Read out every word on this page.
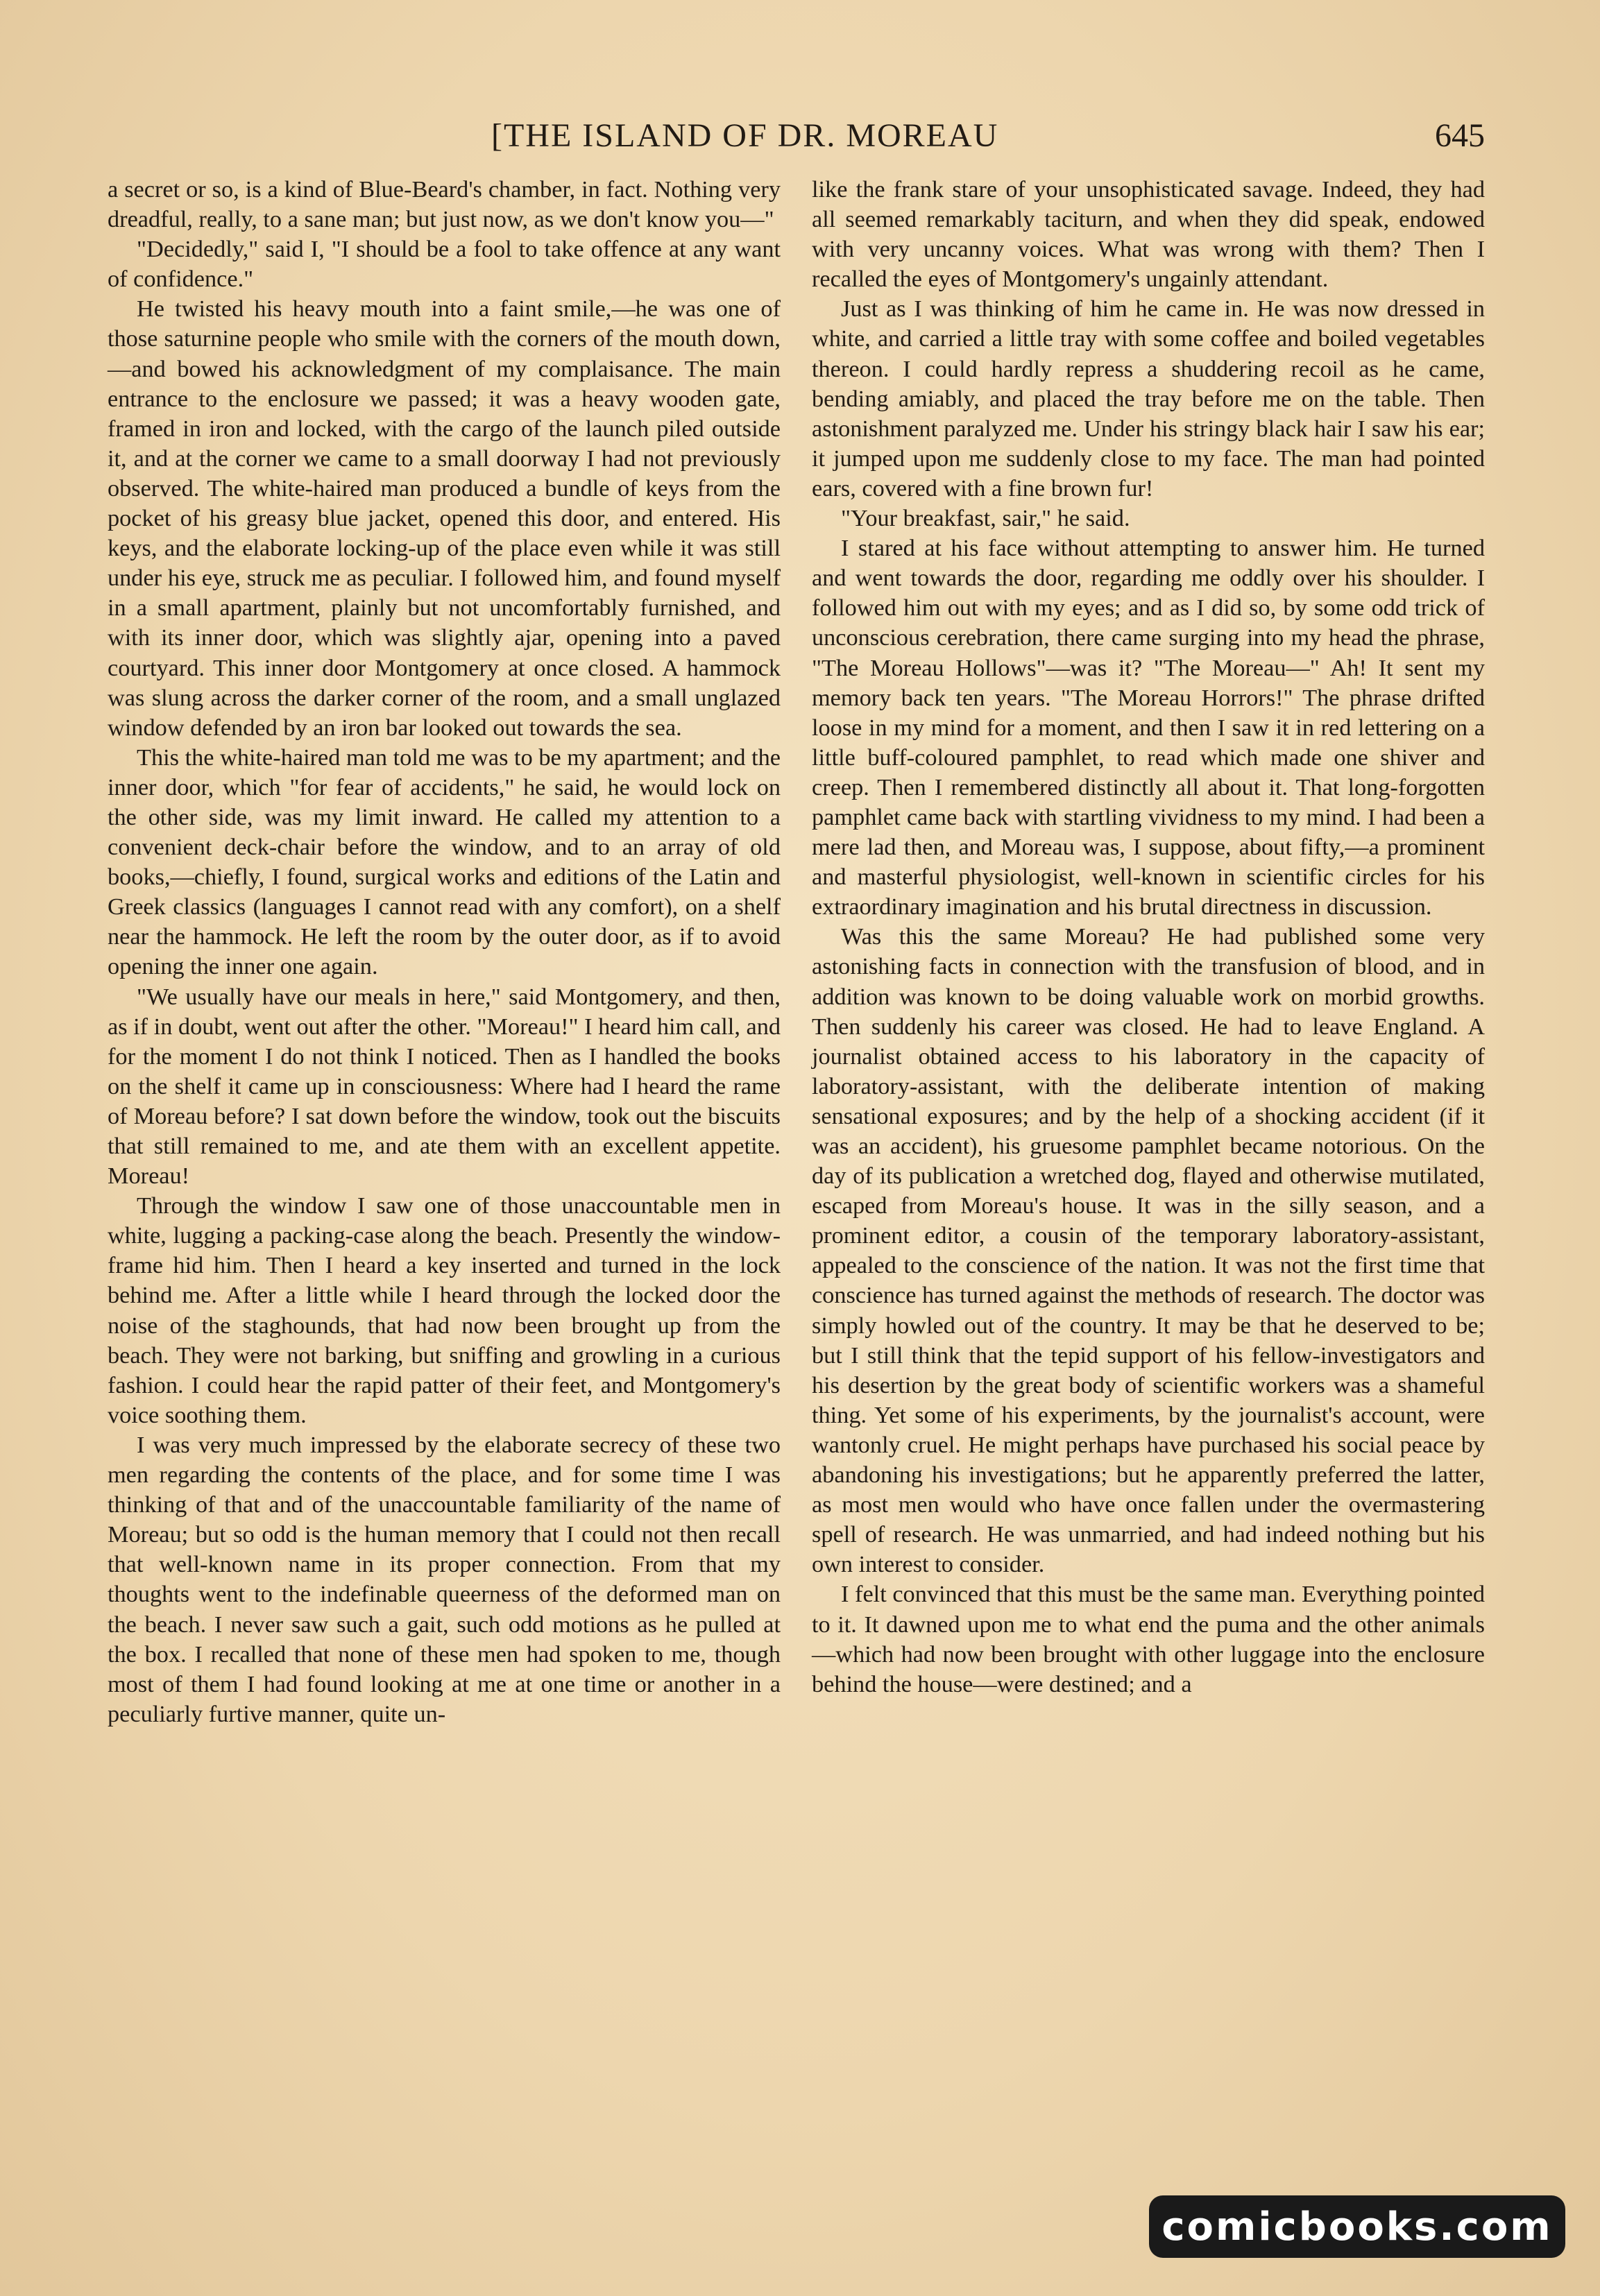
[THE ISLAND OF DR. MOREAU	645

a secret or so, is a kind of Blue-Beard's chamber, in fact. Nothing very dreadful, really, to a sane man; but just now, as we don't know you—"

"Decidedly," said I, "I should be a fool to take offence at any want of confidence."

He twisted his heavy mouth into a faint smile,—he was one of those saturnine people who smile with the corners of the mouth down,—and bowed his acknowledgment of my complaisance. The main entrance to the enclosure we passed; it was a heavy wooden gate, framed in iron and locked, with the cargo of the launch piled outside it, and at the corner we came to a small doorway I had not previously observed. The white-haired man produced a bundle of keys from the pocket of his greasy blue jacket, opened this door, and entered. His keys, and the elaborate locking-up of the place even while it was still under his eye, struck me as peculiar. I followed him, and found myself in a small apartment, plainly but not uncomfortably furnished, and with its inner door, which was slightly ajar, opening into a paved courtyard. This inner door Montgomery at once closed. A hammock was slung across the darker corner of the room, and a small unglazed window defended by an iron bar looked out towards the sea.

This the white-haired man told me was to be my apartment; and the inner door, which "for fear of accidents," he said, he would lock on the other side, was my limit inward. He called my attention to a convenient deck-chair before the window, and to an array of old books,—chiefly, I found, surgical works and editions of the Latin and Greek classics (languages I cannot read with any comfort), on a shelf near the hammock. He left the room by the outer door, as if to avoid opening the inner one again.

"We usually have our meals in here," said Montgomery, and then, as if in doubt, went out after the other. "Moreau!" I heard him call, and for the moment I do not think I noticed. Then as I handled the books on the shelf it came up in consciousness: Where had I heard the rame of Moreau before? I sat down before the window, took out the biscuits that still remained to me, and ate them with an excellent appetite. Moreau!

Through the window I saw one of those unaccountable men in white, lugging a packing-case along the beach. Presently the window-frame hid him. Then I heard a key inserted and turned in the lock behind me. After a little while I heard through the locked door the noise of the staghounds, that had now been brought up from the beach. They were not barking, but sniffing and growling in a curious fashion. I could hear the rapid patter of their feet, and Montgomery's voice soothing them.

I was very much impressed by the elaborate secrecy of these two men regarding the contents of the place, and for some time I was thinking of that and of the unaccountable familiarity of the name of Moreau; but so odd is the human memory that I could not then recall that well-known name in its proper connection. From that my thoughts went to the indefinable queerness of the deformed man on the beach. I never saw such a gait, such odd motions as he pulled at the box. I recalled that none of these men had spoken to me, though most of them I had found looking at me at one time or another in a peculiarly furtive manner, quite un-

like the frank stare of your unsophisticated savage. Indeed, they had all seemed remarkably taciturn, and when they did speak, endowed with very uncanny voices. What was wrong with them? Then I recalled the eyes of Montgomery's ungainly attendant.

Just as I was thinking of him he came in. He was now dressed in white, and carried a little tray with some coffee and boiled vegetables thereon. I could hardly repress a shuddering recoil as he came, bending amiably, and placed the tray before me on the table. Then astonishment paralyzed me. Under his stringy black hair I saw his ear; it jumped upon me suddenly close to my face. The man had pointed ears, covered with a fine brown fur!

"Your breakfast, sair," he said.

I stared at his face without attempting to answer him. He turned and went towards the door, regarding me oddly over his shoulder. I followed him out with my eyes; and as I did so, by some odd trick of unconscious cerebration, there came surging into my head the phrase, "The Moreau Hollows"—was it? "The Moreau—" Ah! It sent my memory back ten years. "The Moreau Horrors!" The phrase drifted loose in my mind for a moment, and then I saw it in red lettering on a little buff-coloured pamphlet, to read which made one shiver and creep. Then I remembered distinctly all about it. That long-forgotten pamphlet came back with startling vividness to my mind. I had been a mere lad then, and Moreau was, I suppose, about fifty,—a prominent and masterful physiologist, well-known in scientific circles for his extraordinary imagination and his brutal directness in discussion.

Was this the same Moreau? He had published some very astonishing facts in connection with the transfusion of blood, and in addition was known to be doing valuable work on morbid growths. Then suddenly his career was closed. He had to leave England. A journalist obtained access to his laboratory in the capacity of laboratory-assistant, with the deliberate intention of making sensational exposures; and by the help of a shocking accident (if it was an accident), his gruesome pamphlet became notorious. On the day of its publication a wretched dog, flayed and otherwise mutilated, escaped from Moreau's house. It was in the silly season, and a prominent editor, a cousin of the temporary laboratory-assistant, appealed to the conscience of the nation. It was not the first time that conscience has turned against the methods of research. The doctor was simply howled out of the country. It may be that he deserved to be; but I still think that the tepid support of his fellow-investigators and his desertion by the great body of scientific workers was a shameful thing. Yet some of his experiments, by the journalist's account, were wantonly cruel. He might perhaps have purchased his social peace by abandoning his investigations; but he apparently preferred the latter, as most men would who have once fallen under the overmastering spell of research. He was unmarried, and had indeed nothing but his own interest to consider.

I felt convinced that this must be the same man. Everything pointed to it. It dawned upon me to what end the puma and the other animals—which had now been brought with other luggage into the enclosure behind the house—were destined; and a

comicbooks.com
